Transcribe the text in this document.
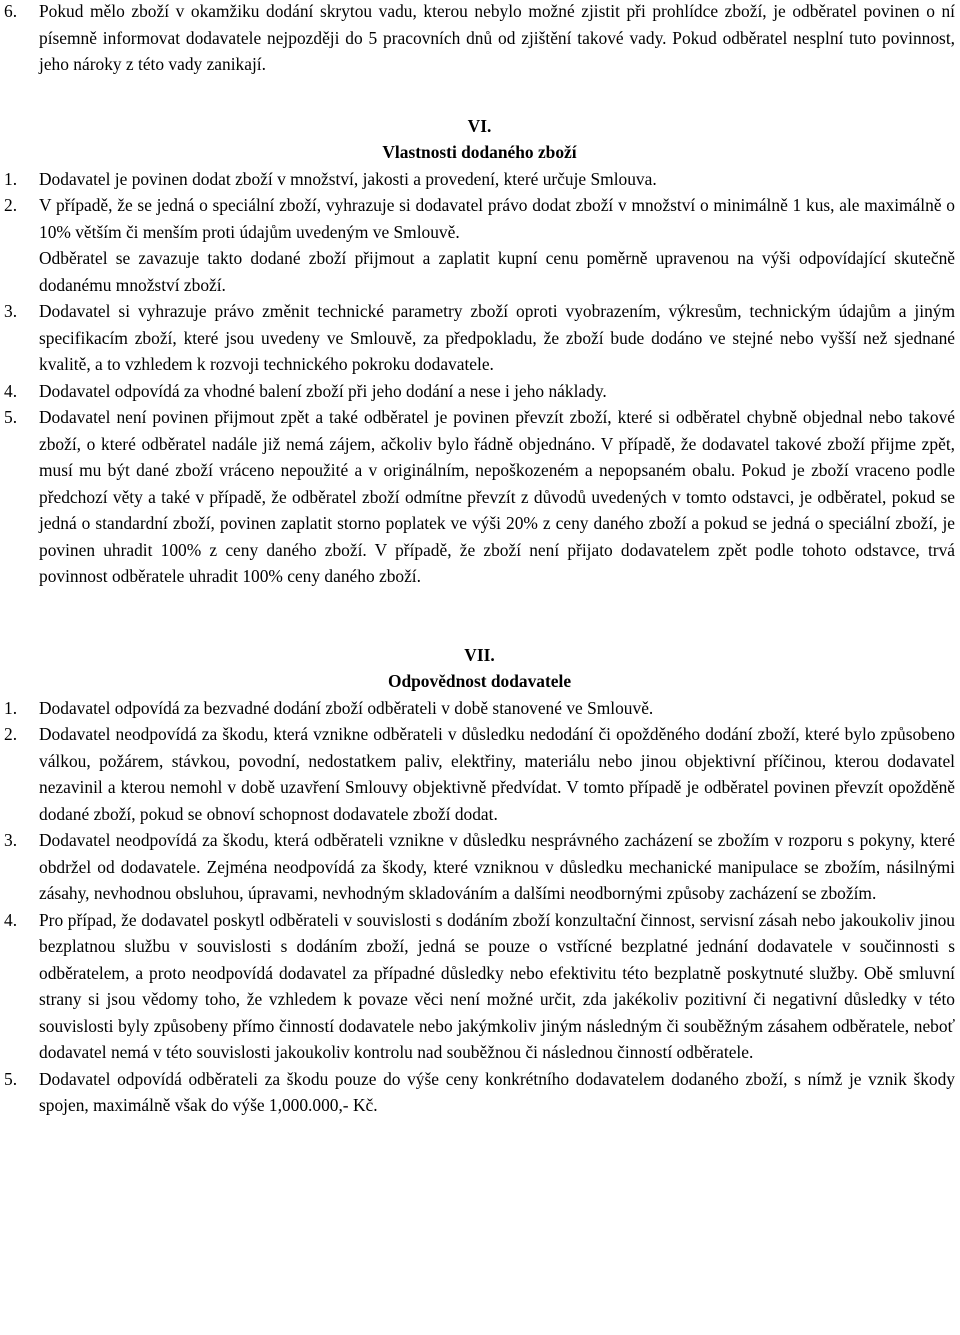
6.	Pokud mělo zboží v okamžiku dodání skrytou vadu, kterou nebylo možné zjistit při prohlídce zboží, je odběratel povinen o ní písemně informovat dodavatele nejpozději do 5 pracovních dnů od zjištění takové vady. Pokud odběratel nesplní tuto povinnost, jeho nároky z této vady zanikají.
VI.
Vlastnosti dodaného zboží
1.	Dodavatel je povinen dodat zboží v množství, jakosti a provedení, které určuje Smlouva.
2.	V případě, že se jedná o speciální zboží, vyhrazuje si dodavatel právo dodat zboží v množství o minimálně 1 kus, ale maximálně o 10% větším či menším proti údajům uvedeným ve Smlouvě.
Odběratel se zavazuje takto dodané zboží přijmout a zaplatit kupní cenu poměrně upravenou na výši odpovídající skutečně dodanému množství zboží.
3.	Dodavatel si vyhrazuje právo změnit technické parametry zboží oproti vyobrazením, výkresům, technickým údajům a jiným specifikacím zboží, které jsou uvedeny ve Smlouvě, za předpokladu, že zboží bude dodáno ve stejné nebo vyšší než sjednané kvalitě, a to vzhledem k rozvoji technického pokroku dodavatele.
4.	Dodavatel odpovídá za vhodné balení zboží při jeho dodání a nese i jeho náklady.
5.	Dodavatel není povinen přijmout zpět a také odběratel je povinen převzít zboží, které si odběratel chybně objednal nebo takové zboží, o které odběratel nadále již nemá zájem, ačkoliv bylo řádně objednáno. V případě, že dodavatel takové zboží přijme zpět, musí mu být dané zboží vráceno nepoužité a v originálním, nepoškozeném a nepopsaném obalu. Pokud je zboží vraceno podle předchozí věty a také v případě, že odběratel zboží odmítne převzít z důvodů uvedených v tomto odstavci, je odběratel, pokud se jedná o standardní zboží, povinen zaplatit storno poplatek ve výši 20% z ceny daného zboží a pokud se jedná o speciální zboží, je povinen uhradit 100% z ceny daného zboží. V případě, že zboží není přijato dodavatelem zpět podle tohoto odstavce, trvá povinnost odběratele uhradit 100% ceny daného zboží.
VII.
Odpovědnost dodavatele
1.	Dodavatel odpovídá za bezvadné dodání zboží odběrateli v době stanovené ve Smlouvě.
2.	Dodavatel neodpovídá za škodu, která vznikne odběrateli v důsledku nedodání či opožděného dodání zboží, které bylo způsobeno válkou, požárem, stávkou, povodní, nedostatkem paliv, elektřiny, materiálu nebo jinou objektivní příčinou, kterou dodavatel nezavinil a kterou nemohl v době uzavření Smlouvy objektivně předvídat. V tomto případě je odběratel povinen převzít opožděně dodané zboží, pokud se obnoví schopnost dodavatele zboží dodat.
3.	Dodavatel neodpovídá za škodu, která odběrateli vznikne v důsledku nesprávného zacházení se zbožím v rozporu s pokyny, které obdržel od dodavatele. Zejména neodpovídá za škody, které vzniknou v důsledku mechanické manipulace se zbožím, násilnými zásahy, nevhodnou obsluhou, úpravami, nevhodným skladováním a dalšími neodbornými způsoby zacházení se zbožím.
4.	Pro případ, že dodavatel poskytl odběrateli v souvislosti s dodáním zboží konzultační činnost, servisní zásah nebo jakoukoliv jinou bezplatnou službu v souvislosti s dodáním zboží, jedná se pouze o vstřícné bezplatné jednání dodavatele v součinnosti s odběratelem, a proto neodpovídá dodavatel za případné důsledky nebo efektivitu této bezplatně poskytnuté služby. Obě smluvní strany si jsou vědomy toho, že vzhledem k povaze věci není možné určit, zda jakékoliv pozitivní či negativní důsledky v této souvislosti byly způsobeny přímo činností dodavatele nebo jakýmkoliv jiným následným či souběžným zásahem odběratele, neboť dodavatel nemá v této souvislosti jakoukoliv kontrolu nad souběžnou či následnou činností odběratele.
5.	Dodavatel odpovídá odběrateli za škodu pouze do výše ceny konkrétního dodavatelem dodaného zboží, s nímž je vznik škody spojen, maximálně však do výše 1,000.000,- Kč.
